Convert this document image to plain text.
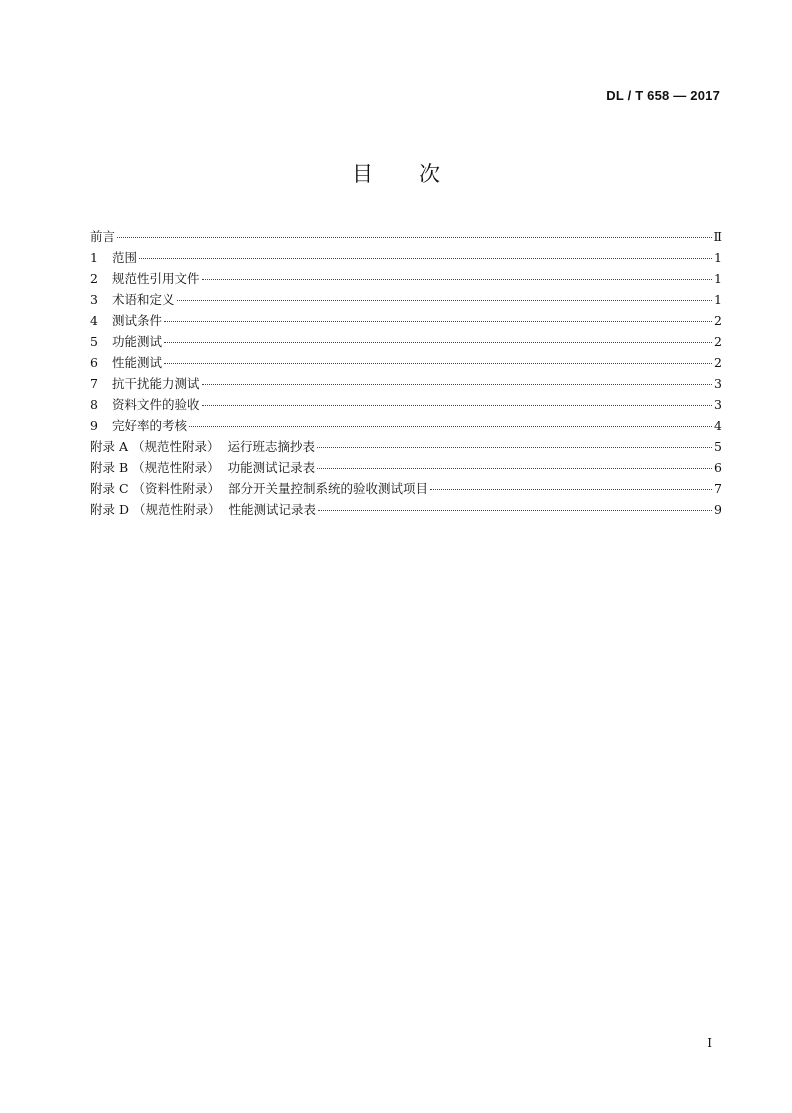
DL / T 658 — 2017
目 次
前言	Ⅱ
1	范围	1
2	规范性引用文件	1
3	术语和定义	1
4	测试条件	2
5	功能测试	2
6	性能测试	2
7	抗干扰能力测试	3
8	资料文件的验收	3
9	完好率的考核	4
附录 A （规范性附录） 运行班志摘抄表	5
附录 B （规范性附录） 功能测试记录表	6
附录 C （资料性附录） 部分开关量控制系统的验收测试项目	7
附录 D （规范性附录） 性能测试记录表	9
I
